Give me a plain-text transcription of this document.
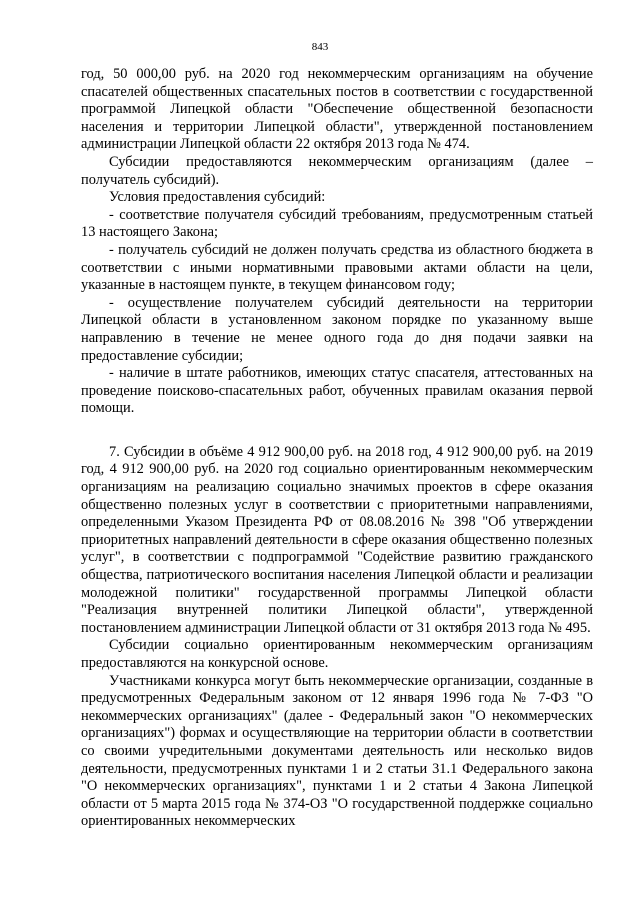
843

год, 50 000,00 руб. на 2020 год некоммерческим организациям на обучение спасателей общественных спасательных постов в соответствии с государственной программой Липецкой области "Обеспечение общественной безопасности населения и территории Липецкой области", утвержденной постановлением администрации Липецкой области 22 октября 2013 года № 474.

Субсидии предоставляются некоммерческим организациям (далее – получатель субсидий).

Условия предоставления субсидий:

- соответствие получателя субсидий требованиям, предусмотренным статьей 13 настоящего Закона;

- получатель субсидий не должен получать средства из областного бюджета в соответствии с иными нормативными правовыми актами области на цели, указанные в настоящем пункте, в текущем финансовом году;

- осуществление получателем субсидий деятельности на территории Липецкой области в установленном законом порядке по указанному выше направлению в течение не менее одного года до дня подачи заявки на предоставление субсидии;

- наличие в штате работников, имеющих статус спасателя, аттестованных на проведение поисково-спасательных работ, обученных правилам оказания первой помощи.

7. Субсидии в объёме 4 912 900,00 руб. на 2018 год, 4 912 900,00 руб. на 2019 год, 4 912 900,00 руб. на 2020 год социально ориентированным некоммерческим организациям на реализацию социально значимых проектов в сфере оказания общественно полезных услуг в соответствии с приоритетными направлениями, определенными Указом Президента РФ от 08.08.2016 № 398 "Об утверждении приоритетных направлений деятельности в сфере оказания общественно полезных услуг", в соответствии с подпрограммой "Содействие развитию гражданского общества, патриотического воспитания населения Липецкой области и реализации молодежной политики" государственной программы Липецкой области "Реализация внутренней политики Липецкой области", утвержденной постановлением администрации Липецкой области от 31 октября 2013 года № 495.

Субсидии социально ориентированным некоммерческим организациям предоставляются на конкурсной основе.

Участниками конкурса могут быть некоммерческие организации, созданные в предусмотренных Федеральным законом от 12 января 1996 года № 7-ФЗ "О некоммерческих организациях" (далее - Федеральный закон "О некоммерческих организациях") формах и осуществляющие на территории области в соответствии со своими учредительными документами деятельность или несколько видов деятельности, предусмотренных пунктами 1 и 2 статьи 31.1 Федерального закона "О некоммерческих организациях", пунктами 1 и 2 статьи 4 Закона Липецкой области от 5 марта 2015 года № 374-ОЗ "О государственной поддержке социально ориентированных некоммерческих
